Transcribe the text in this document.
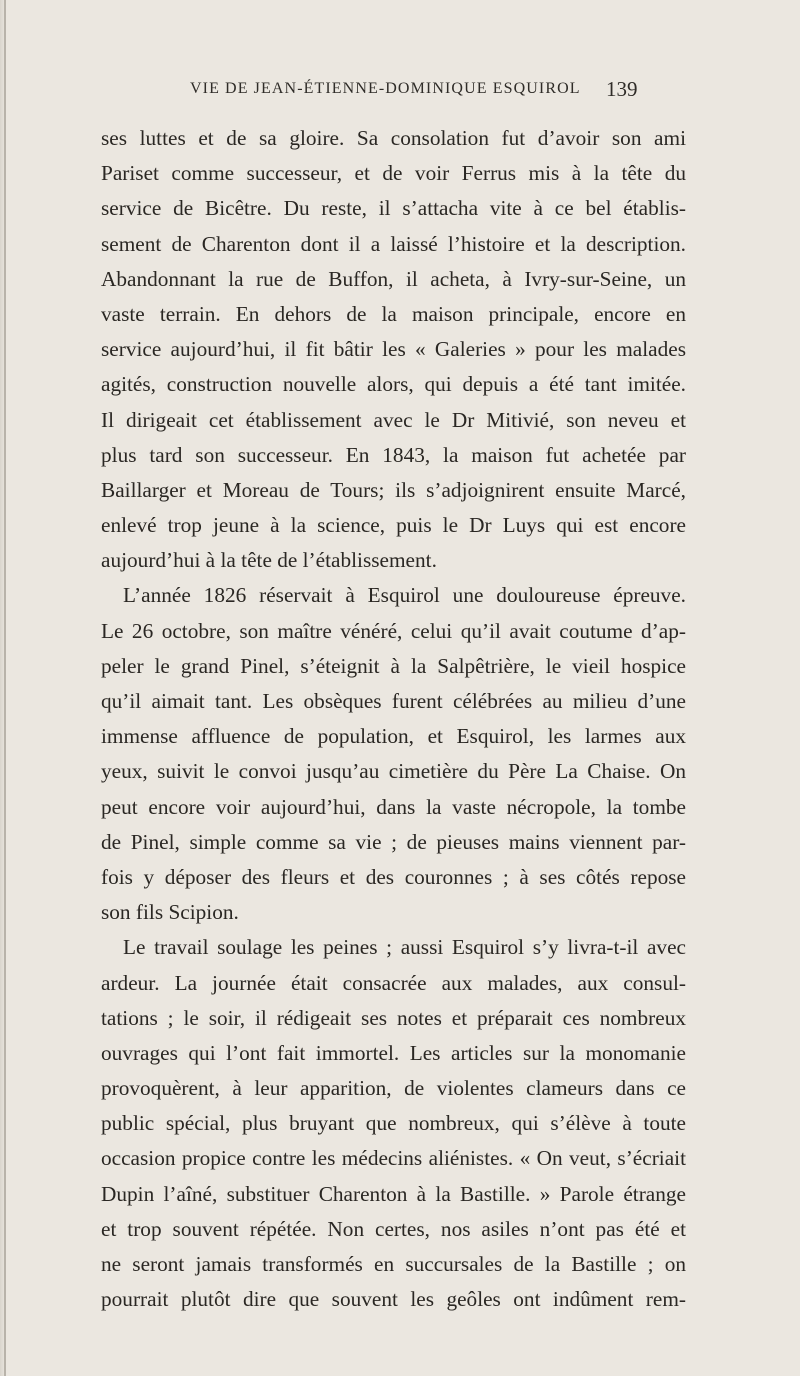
VIE DE JEAN-ÉTIENNE-DOMINIQUE ESQUIROL 139
ses luttes et de sa gloire. Sa consolation fut d’avoir son ami
Pariset comme successeur, et de voir Ferrus mis à la tête du
service de Bicêtre. Du reste, il s’attacha vite à ce bel établis-
sement de Charenton dont il a laissé l’histoire et la description.
Abandonnant la rue de Buffon, il acheta, à Ivry-sur-Seine, un
vaste terrain. En dehors de la maison principale, encore en
service aujourd’hui, il fit bâtir les « Galeries » pour les malades
agités, construction nouvelle alors, qui depuis a été tant imitée.
Il dirigeait cet établissement avec le Dr Mitivié, son neveu et
plus tard son successeur. En 1843, la maison fut achetée par
Baillarger et Moreau de Tours; ils s’adjoignirent ensuite Marcé,
enlevé trop jeune à la science, puis le Dr Luys qui est encore
aujourd’hui à la tête de l’établissement.
L’année 1826 réservait à Esquirol une douloureuse épreuve.
Le 26 octobre, son maître vénéré, celui qu’il avait coutume d’ap-
peler le grand Pinel, s’éteignit à la Salpêtrière, le vieil hospice
qu’il aimait tant. Les obsèques furent célébrées au milieu d’une
immense affluence de population, et Esquirol, les larmes aux
yeux, suivit le convoi jusqu’au cimetière du Père La Chaise. On
peut encore voir aujourd’hui, dans la vaste nécropole, la tombe
de Pinel, simple comme sa vie ; de pieuses mains viennent par-
fois y déposer des fleurs et des couronnes ; à ses côtés repose
son fils Scipion.
Le travail soulage les peines ; aussi Esquirol s’y livra-t-il avec
ardeur. La journée était consacrée aux malades, aux consul-
tations ; le soir, il rédigeait ses notes et préparait ces nombreux
ouvrages qui l’ont fait immortel. Les articles sur la monomanie
provoquèrent, à leur apparition, de violentes clameurs dans ce
public spécial, plus bruyant que nombreux, qui s’élève à toute
occasion propice contre les médecins aliénistes. « On veut, s’écriait
Dupin l’aîné, substituer Charenton à la Bastille. » Parole étrange
et trop souvent répétée. Non certes, nos asiles n’ont pas été et
ne seront jamais transformés en succursales de la Bastille ; on
pourrait plutôt dire que souvent les geôles ont indûment rem-
